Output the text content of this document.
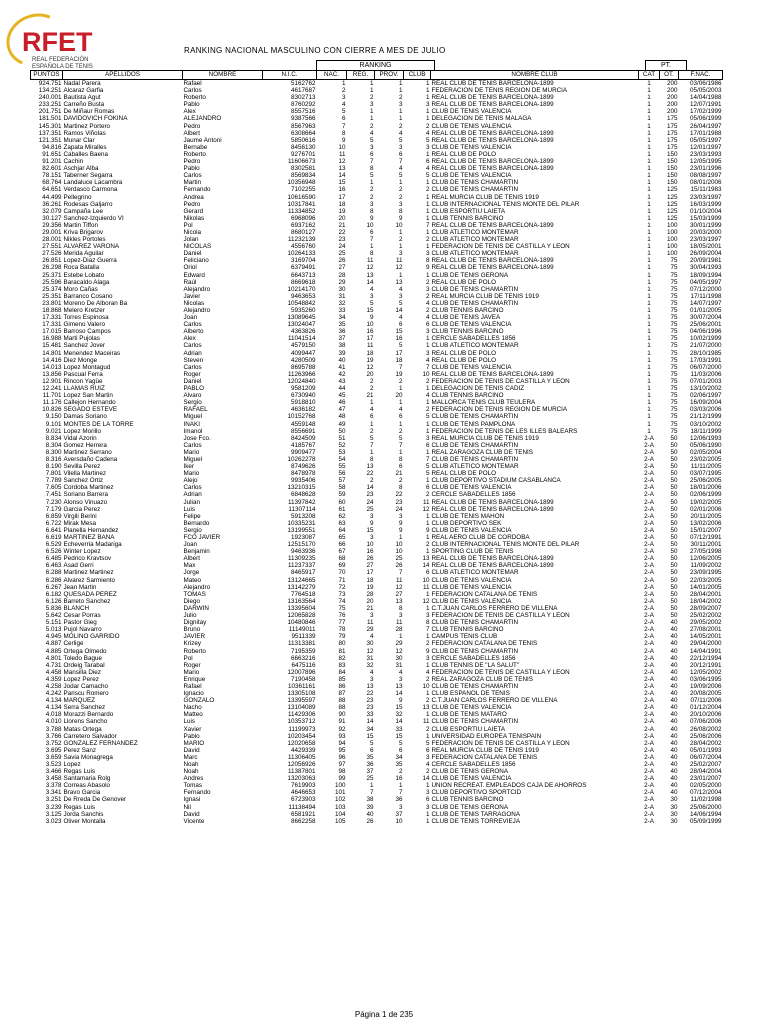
RFET
REAL FEDERACIÓN
ESPAÑOLA DE TENIS
RANKING NACIONAL MASCULINO CON CIERRE A MES DE JULIO
RANKING	PT.
PUNTOS	APELLIDOS	NOMBRE	N.I.C.	NAC.	REG.	PROV.	CLUB	NOMBRE CLUB	CAT	OT.	F.NAC.
924.751	Nadal Parera	Rafael	5162762	1	1	1	1	REAL CLUB DE TENIS BARCELONA-1899	1	200	03/06/1986
134.251	Alcaraz Garfia	Carlos	4617687	2	1	1	1	FEDERACION DE TENIS REGION DE MURCIA	1	200	05/05/2003
240.001	Bautista Agut	Roberto	8302713	3	2	2	1	REAL CLUB DE TENIS BARCELONA-1899	1	200	14/04/1988
233.251	Carreño Busta	Pablo	8760292	4	3	3	3	REAL CLUB DE TENIS BARCELONA-1899	1	200	12/07/1991
201.751	De Miñaur Romas	Alex	8557516	5	1	1	1	CLUB DE TENIS VALENCIA	1	200	17/02/1999
181.501	DAVIDOVICH FOKINA	ALEJANDRO	9387566	6	1	1	1	DELEGACION DE TENIS MALAGA	1	175	05/06/1999
145.301	Martinez Portero	Pedro	8567963	7	2	2	2	CLUB DE TENIS VALENCIA	1	175	26/04/1997
137.351	Ramos Viñolas	Albert	6308664	8	4	4	4	REAL CLUB DE TENIS BARCELONA-1899	1	175	17/01/1988
121.351	Munar Clar	Jaume Antoni	5850616	9	5	5	5	REAL CLUB DE TENIS BARCELONA-1899	1	175	05/05/1997
94.816	Zapata Miralles	Bernabe	8456130	10	3	3	3	CLUB DE TENIS VALENCIA	1	175	12/01/1997
91.651	Caballes Baena	Roberto	9276701	11	6	6	1	REAL CLUB DE POLO	1	150	23/03/1993
91.201	Cachin	Pedro	11606673	12	7	7	6	REAL CLUB DE TENIS BARCELONA-1899	1	150	12/05/1995
82.601	Aschjar Alba	Pablo	8302581	13	8	4	4	REAL CLUB DE TENIS BARCELONA-1899	1	150	23/01/1996
78.151	Taberner Segarra	Carlos	8569834	14	5	5	5	CLUB DE TENIS VALENCIA	1	150	08/08/1997
68.764	Landaluce Lacambra	Martin	10356948	15	1	1	1	CLUB DE TENIS CHAMARTIN	1	150	08/01/2006
64.651	Verdasco Carmona	Fernando	7102255	16	2	2	2	CLUB DE TENIS CHAMARTIN	1	125	15/11/1983
44.499	Pellegrino	Andrea	10616590	17	2	2	1	REAL MURCIA CLUB DE TENIS 1919	1	125	23/03/1997
36.261	Rodesas Galjarro	Pedro	10317841	18	3	3	1	CLUB INTERNACIONAL TENIS MONTE DEL PILAR	1	125	16/03/1999
32.079	Campaña Lee	Gerard	11334852	19	8	8	1	CLUB ESPORTIU LAIETA	1	125	01/10/2004
30.127	Sanchez-Izquierdo VI	Nikolas	6968096	20	9	9	1	CLUB TENNIS BARCINO	1	125	15/03/1999
29.356	Martin Tiffon	Pol	6937162	21	10	10	7	REAL CLUB DE TENIS BARCELONA-1899	1	100	30/01/1999
29.001	Kriva Brigarov	Nicola	8680127	22	6	1	1	CLUB ATLETICO MONTEMAR	1	100	20/03/2000
28.001	Nikles Portoles	Jolan	11232139	23	7	2	2	CLUB ATLETICO MONTEMAR	1	100	23/03/1997
27.551	ALVAREZ VARONA	NICOLAS	4556760	24	1	1	1	FEDERACION DE TENIS DE CASTILLA Y LEON	1	100	18/05/2001
27.526	Merida Aguilar	Daniel	10264133	25	8	3	3	CLUB ATLETICO MONTEMAR	1	100	26/09/2004
26.851	Lopez-Diaz Guerra	Feliciano	3169704	26	11	11	8	REAL CLUB DE TENIS BARCELONA-1899	1	75	20/09/1981
26.298	Roca Batalla	Oriol	6379491	27	12	12	9	REAL CLUB DE TENIS BARCELONA-1899	1	75	30/04/1993
25.371	Estebe Lobato	Edward	6643713	28	13	1	1	CLUB DE TENIS GERONA	1	75	18/09/1994
25.596	Baracaldo Alaga	Raúl	8669618	29	14	13	2	REAL CLUB DE POLO	1	75	04/05/1997
25.374	Moro Cañas	Alejandro	10214170	30	4	4	3	CLUB DE TENIS CHAMARTIN	1	75	07/12/2000
25.351	Barranco Cosano	Javier	9463653	31	3	3	2	REAL MURCIA CLUB DE TENIS 1919	1	75	17/11/1998
23.801	Moreno De Alboran Ba	Nicolas	10548842	32	5	5	4	CLUB DE TENIS CHAMARTIN	1	75	14/07/1997
18.868	Melero Kretzer	Alejandro	5935260	33	15	14	2	CLUB TENNIS BARCINO	1	75	01/01/2005
17.331	Torres Espinosa	Joan	13089645	34	9	4	4	CLUB DE TENIS JAVEA	1	75	30/07/2004
17.331	Gimeno Valero	Carlos	13024047	35	10	6	6	CLUB DE TENIS VALENCIA	1	75	25/06/2001
17.015	Barroso Campos	Alberto	4363826	36	16	15	3	CLUB TENNIS BARCINO	1	75	04/06/1996
16.988	Marti Pujolas	Alex	11041514	37	17	16	1	CERCLE SABADELLES 1856	1	75	10/02/1999
15.481	Sanchez Jover	Carlos	4579150	38	11	5	1	CLUB ATLETICO MONTEMAR	1	75	21/07/2000
14.801	Menendez Maceiras	Adrian	4099447	39	18	17	3	REAL CLUB DE POLO	1	75	28/10/1985
14.416	Diez Monge	Steven	4280509	40	19	18	4	REAL CLUB DE POLO	1	75	17/03/1991
14.013	Lopez Montagud	Carlos	8695788	41	12	7	7	CLUB DE TENIS VALENCIA	1	75	06/07/2000
13.856	Pascual Ferra	Roger	11263966	42	20	19	10	REAL CLUB DE TENIS BARCELONA-1899	1	75	11/03/2006
12.901	Rincon Yagüe	Daniel	12024840	43	2	2	2	FEDERACION DE TENIS DE CASTILLA Y LEON	1	75	07/01/2003
12.241	LLAMAS RUIZ	PABLO	9581209	44	2	1	1	DELEGACION DE TENIS CADIZ	1	75	13/10/2002
11.701	Lopez San Martin	Alvaro	6730940	45	21	20	4	CLUB TENNIS BARCINO	1	75	02/06/1997
11.176	Callejon Hernando	Sergio	5918810	46	1	1	1	MALLORCA TENIS CLUB TEULERA	1	75	16/09/2004
10.826	SEGADO ESTEVE	RAFAEL	4636182	47	4	4	2	FEDERACION DE TENIS REGION DE MURCIA	1	75	03/03/2006
9.150	Damas Soriano	Miguel	10152768	48	6	6	5	CLUB DE TENIS CHAMARTIN	1	75	21/12/1999
9.101	MONTES DE LA TORRE	IÑAKI	4559148	49	1	1	1	CLUB DE TENIS PAMPLONA	1	75	03/10/2002
9.021	Lopez Morillo	Imanol	8556691	50	2	2	1	FEDERACION DE TENIS DE LES ILLES BALEARS	1	75	18/11/1999
8.834	Vidal Azorin	Jose Fco.	8424509	51	5	5	3	REAL MURCIA CLUB DE TENIS 1919	2-A	50	12/06/1993
8.304	Gomez Herrera	Carlos	4185767	52	7	7	6	CLUB DE TENIS CHAMARTIN	2-A	50	05/06/1990
8.300	Martinez Serrano	Mario	9909477	53	1	1	1	REAL ZARAGOZA CLUB DE TENIS	2-A	50	02/05/2004
8.316	Aversdaño Cadena	Miguel	10262278	54	8	8	7	CLUB DE TENIS CHAMARTIN	2-A	50	23/02/2005
8.190	Sevilla Perez	Iker	8749626	55	13	6	5	CLUB ATLETICO MONTEMAR	2-A	50	11/11/2005
7.801	Vilella Martinez	Mario	8478978	56	22	21	5	REAL CLUB DE POLO	2-A	50	03/07/1995
7.789	Sanchez Ortiz	Alejo	9935406	57	2	2	1	CLUB DEPORTIVO STADIUM CASABLANCA	2-A	50	25/06/2005
7.605	Cordoba Martinez	Carlos	13210315	58	14	8	6	CLUB DE TENIS VALENCIA	2-A	50	18/01/2006
7.451	Soriano Barrera	Adrian	6848628	59	23	22	2	CERCLE SABADELLES 1856	2-A	50	02/06/1999
7.230	Alonso Vinuazo	Julian	11397842	60	24	23	11	REAL CLUB DE TENIS BARCELONA-1899	2-A	50	19/02/2005
7.179	Garcia Perez	Luis	11307114	61	25	24	12	REAL CLUB DE TENIS BARCELONA-1899	2-A	50	02/01/2006
6.859	Virgili Berini	Felipe	5913208	62	3	3	1	CLUB DE TENIS MAHON	2-A	50	20/11/2005
6.722	Mirak Mesa	Bernardo	10335231	63	9	9	1	CLUB DEPORTIVO SEK	2-A	50	13/02/2006
6.641	Planella Hernandez	Sergio	13199551	64	15	9	9	CLUB DE TENIS VALENCIA	2-A	50	15/01/2007
6.619	MARTINEZ BAÑA	FCO JAVIER	1923087	65	3	1	1	REAL AERO CLUB DE CORDOBA	2-A	50	07/12/1991
6.529	Echeverria Madariga	Joan	12515170	66	10	10	2	CLUB INTERNACIONAL TENIS MONTE DEL PILAR	2-A	50	30/11/2001
6.526	Winter Lopez	Benjamin	9463936	67	16	10	1	SPORTING CLUB DE TENIS	2-A	50	27/05/1998
6.485	Pedrico Kravtsov	Albert	11309235	68	26	25	13	REAL CLUB DE TENIS BARCELONA-1899	2-A	50	12/06/2005
6.463	Asad Gerri	Max	11237337	69	27	26	14	REAL CLUB DE TENIS BARCELONA-1899	2-A	50	11/09/2002
6.288	Martinez Martinez	Jorge	8465917	70	17	7	6	CLUB ATLETICO MONTEMAR	2-A	50	23/09/1995
6.286	Alvarez Sarmiento	Mateo	13124665	71	18	11	10	CLUB DE TENIS VALENCIA	2-A	50	22/03/2005
6.267	Jean Martin	Alejandro	13142279	72	19	12	11	CLUB DE TENIS VALENCIA	2-A	50	14/01/2005
6.182	QUESADA PEREZ	TOMAS	7764518	73	28	27	1	FEDERACION CATALANA DE TENIS	2-A	50	28/04/2001
6.126	Barreto Sanchez	Diego	13163564	74	20	13	12	CLUB DE TENIS VALENCIA	2-A	50	18/04/2002
5.836	BLANCH	DARWIN	13395604	75	21	8	1	C.T.JUAN CARLOS FERRERO DE VILLENA	2-A	50	28/09/2007
5.642	Cesar Porras	Julio	12065828	76	3	3	3	FEDERACION DE TENIS DE CASTILLA Y LEON	2-A	50	25/02/2002
5.151	Pastor Gieg	Dignitay	10480846	77	11	11	8	CLUB DE TENIS CHAMARTIN	2-A	40	29/05/2002
5.013	Pujol Navarro	Bruno	11149011	78	29	28	7	CLUB TENNIS BARCINO	2-A	40	27/08/2001
4.945	MOLINO GARRIDO	JAVIER	9511339	79	4	1	1	CAMPUS TENIS CLUB	2-A	40	14/05/2001
4.887	Cerlige	Krizey	11313381	80	30	29	2	FEDERACION CATALANA DE TENIS	2-A	40	29/04/2000
4.885	Ortega Olmedo	Roberto	7195359	81	12	12	9	CLUB DE TENIS CHAMARTIN	2-A	40	14/04/1991
4.801	Toledo Bague	Pol	6663216	82	31	30	3	CERCLE SABADELLES 1856	2-A	40	22/12/1994
4.731	Ordeig Tarabal	Roger	6475116	83	32	31	1	CLUB TENNIS DE "LA SALUT"	2-A	40	20/12/1991
4.458	Mansilla Diez	Mario	12007896	84	4	4	4	FEDERACION DE TENIS DE CASTILLA Y LEON	2-A	40	12/05/2002
4.359	Lopez Perez	Enrique	7190458	85	3	3	2	REAL ZARAGOZA CLUB DE TENIS	2-A	40	03/06/1995
4.258	Jodar Camacho	Rafael	10361161	86	13	13	10	CLUB DE TENIS CHAMARTIN	2-A	40	19/09/2006
4.242	Pariscu Romero	Ignacio	13305108	87	22	14	1	CLUB ESPAÑOL DE TENIS	2-A	40	20/08/2005
4.134	MARQUEZ	GONZALO	13395597	88	23	9	2	C.T.JUAN CARLOS FERRERO DE VILLENA	2-A	40	07/11/2006
4.134	Serra Sanchez	Nacho	13104089	88	23	15	13	CLUB DE TENIS VALENCIA	2-A	40	01/12/2004
4.018	Morazzi Bernardo	Matteo	11429306	90	33	32	1	CLUB DE TENIS MATARO	2-A	40	20/10/2006
4.010	Llorens Sancho	Luis	10353712	91	14	14	11	CLUB DE TENIS CHAMARTIN	2-A	40	07/06/2006
3.788	Matas Ortega	Xavier	11199973	92	34	33	2	CLUB ESPORTIU LAIETA	2-A	40	26/08/2002
3.766	Carretero Salvador	Pablo	10203454	93	15	15	1	UNIVERSIDAD EUROPEA TENISPAIN	2-A	40	25/06/2006
3.752	GONZALEZ FERNANDEZ	MARIO	12020658	94	5	5	5	FEDERACION DE TENIS DE CASTILLA Y LEON	2-A	40	28/04/2002
3.695	Perez Sanz	David	4429339	95	6	6	6	REAL MURCIA CLUB DE TENIS 1919	2-A	40	05/01/1993
3.659	Savia Monagrega	Marc	11306405	96	35	34	3	FEDERACION CATALANA DE TENIS	2-A	40	06/07/2004
3.523	Lopez	Noah	12056926	97	36	35	4	CERCLE SABADELLES 1856	2-A	40	25/02/2007
3.466	Regas Luis	Noah	11387801	98	37	2	2	CLUB DE TENIS GERONA	2-A	40	28/04/2004
3.458	Santamaria Rolg	Andres	13203063	99	25	16	14	CLUB DE TENIS VALENCIA	2-A	40	23/01/2007
3.378	Correas Abasolo	Tomas	7619903	100	1	1	1	UNION RECREAT. EMPLEADOS CAJA DE AHORROS	2-A	40	02/05/2000
3.341	Bravo Garcia	Fernando	4646653	101	7	7	3	CLUB DEPORTIVO SPORTCID	2-A	40	07/12/2004
3.251	De Rreda De Genover	Ignasi	6723903	102	38	36	6	CLUB TENNIS BARCINO	2-A	30	11/02/1998
3.239	Regas Luis	Nil	11138494	103	39	3	3	CLUB DE TENIS GERONA	2-A	30	25/06/2000
3.125	Jorda Sanchis	David	6581921	104	40	37	1	CLUB DE TENIS TARRAGONA	2-A	30	14/06/1994
3.023	Oliver Montalla	Vicente	8662258	105	26	10	1	CLUB DE TENIS TORREVIEJA	2-A	30	05/09/1999
Página 1 de 235
